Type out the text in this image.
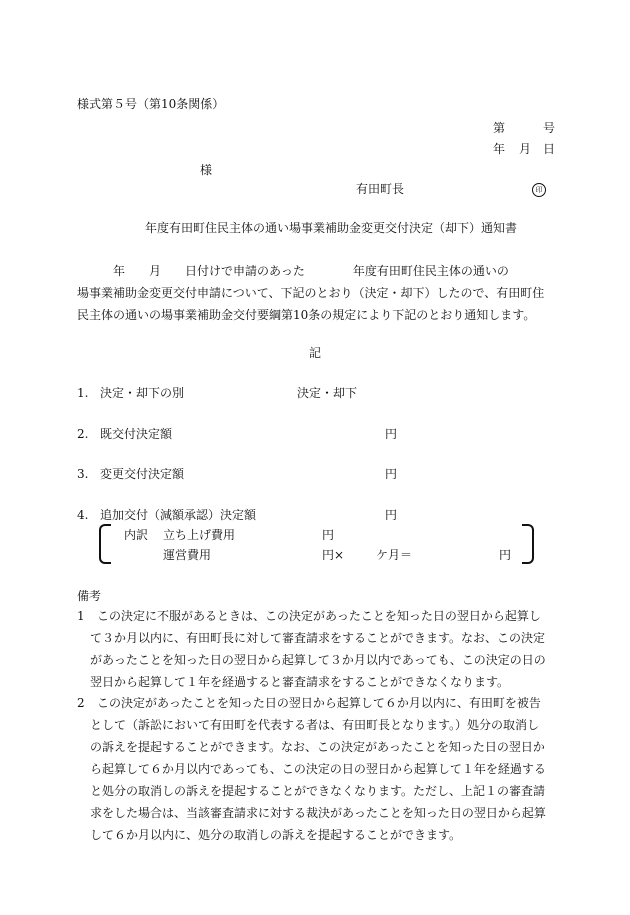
様式第５号（第10条関係）
第	号
年 月 日
様
有田町長	印
年度有田町住民主体の通い場事業補助金変更交付決定（却下）通知書
　　　年　　月　　日付けで申請のあった　　　　年度有田町住民主体の通いの
場事業補助金変更交付申請について、下記のとおり（決定・却下）したので、有田町住
民主体の通いの場事業補助金交付要綱第10条の規定により下記のとおり通知します。
記
1. 決定・却下の別	決定・却下
2. 既交付決定額	円
3. 変更交付決定額	円
4. 追加交付（減額承認）決定額	円
内訳 立ち上げ費用	円
運営費用	円×	ケ月＝	円
備考
1 この決定に不服があるときは、この決定があったことを知った日の翌日から起算し
て３か月以内に、有田町長に対して審査請求をすることができます。なお、この決定
があったことを知った日の翌日から起算して３か月以内であっても、この決定の日の
翌日から起算して１年を経過すると審査請求をすることができなくなります。
2 この決定があったことを知った日の翌日から起算して６か月以内に、有田町を被告
として（訴訟において有田町を代表する者は、有田町長となります。）処分の取消し
の訴えを提起することができます。なお、この決定があったことを知った日の翌日か
ら起算して６か月以内であっても、この決定の日の翌日から起算して１年を経過する
と処分の取消しの訴えを提起することができなくなります。ただし、上記１の審査請
求をした場合は、当該審査請求に対する裁決があったことを知った日の翌日から起算
して６か月以内に、処分の取消しの訴えを提起することができます。
